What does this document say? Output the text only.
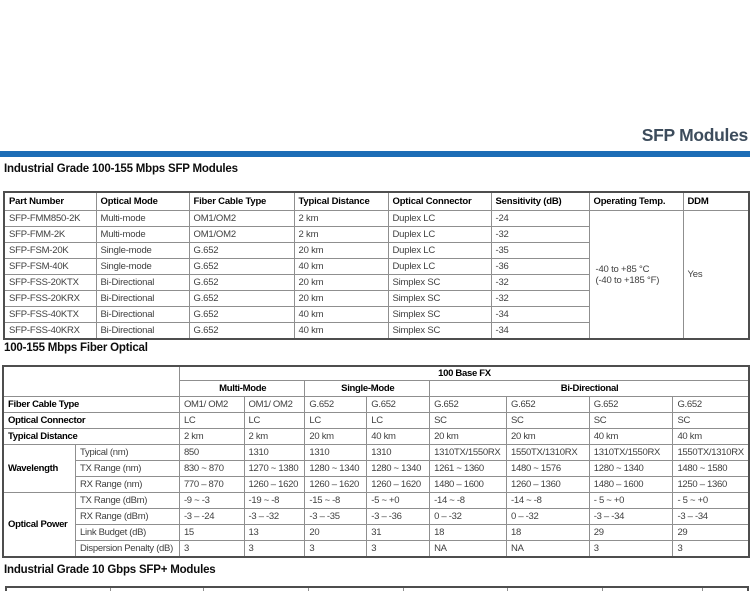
SFP Modules
Industrial Grade 100-155 Mbps SFP Modules
Part Number	Optical Mode	Fiber Cable Type	Typical Distance	Optical Connector	Sensitivity (dB)	Operating Temp.	DDM
SFP-FMM850-2K	Multi-mode	OM1/OM2	2 km	Duplex LC	-24	-40 to +85 °C
(-40 to +185 °F)	Yes
SFP-FMM-2K	Multi-mode	OM1/OM2	2 km	Duplex LC	-32		
SFP-FSM-20K	Single-mode	G.652	20 km	Duplex LC	-35		
SFP-FSM-40K	Single-mode	G.652	40 km	Duplex LC	-36		
SFP-FSS-20KTX	Bi-Directional	G.652	20 km	Simplex SC	-32		
SFP-FSS-20KRX	Bi-Directional	G.652	20 km	Simplex SC	-32		
SFP-FSS-40KTX	Bi-Directional	G.652	40 km	Simplex SC	-34		
SFP-FSS-40KRX	Bi-Directional	G.652	40 km	Simplex SC	-34		
100-155 Mbps Fiber Optical
		100 Base FX							
		Multi-Mode		Single-Mode		Bi-Directional			
Fiber Cable Type		OM1/ OM2	OM1/ OM2	G.652	G.652	G.652	G.652	G.652	G.652
Optical Connector		LC	LC	LC	LC	SC	SC	SC	SC
Typical Distance		2 km	2 km	20 km	40 km	20 km	20 km	40 km	40 km
Wavelength	Typical (nm)	850	1310	1310	1310	1310TX/1550RX	1550TX/1310RX	1310TX/1550RX	1550TX/1310RX
	TX Range (nm)	830 ~ 870	1270 ~ 1380	1280 ~ 1340	1280 ~ 1340	1261 ~ 1360	1480 ~ 1576	1280 ~ 1340	1480 ~ 1580
	RX Range (nm)	770 – 870	1260 – 1620	1260 – 1620	1260 – 1620	1480 – 1600	1260 – 1360	1480 – 1600	1250 – 1360
Optical Power	TX Range (dBm)	-9 ~ -3	-19 ~ -8	-15 ~ -8	-5 ~ +0	-14 ~ -8	-14 ~ -8	- 5 ~ +0	- 5 ~ +0
	RX Range (dBm)	-3 – -24	-3 – -32	-3 – -35	-3 – -36	0 – -32	0 – -32	-3 – -34	-3 – -34
	Link Budget (dB)	15	13	20	31	18	18	29	29
	Dispersion Penalty (dB)	3	3	3	3	NA	NA	3	3
Industrial Grade 10 Gbps SFP+ Modules
